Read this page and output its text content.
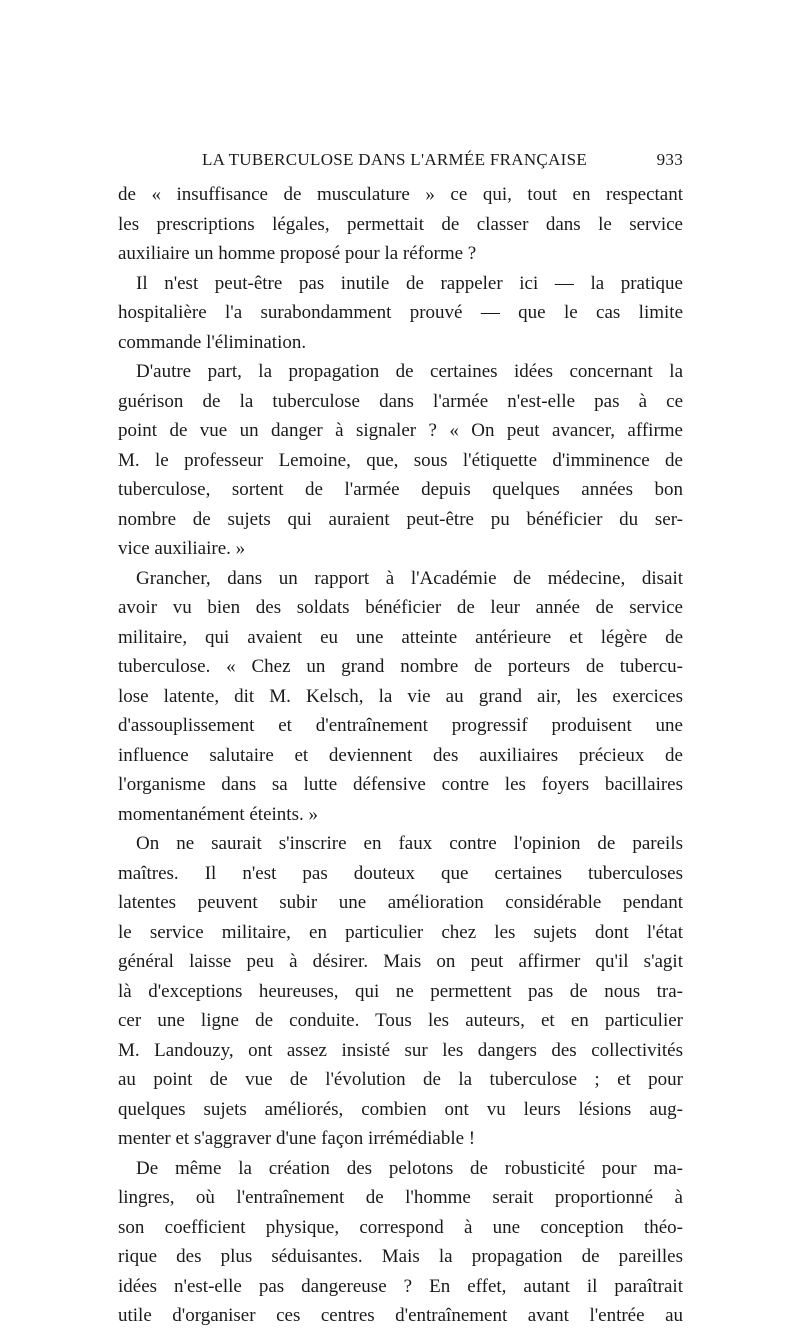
LA TUBERCULOSE DANS L'ARMÉE FRANÇAISE	933
de « insuffisance de musculature » ce qui, tout en respectant
les prescriptions légales, permettait de classer dans le service
auxiliaire un homme proposé pour la réforme ?
Il n'est peut-être pas inutile de rappeler ici — la pratique
hospitalière l'a surabondamment prouvé — que le cas limite
commande l'élimination.
D'autre part, la propagation de certaines idées concernant la
guérison de la tuberculose dans l'armée n'est-elle pas à ce
point de vue un danger à signaler ? « On peut avancer, affirme
M. le professeur Lemoine, que, sous l'étiquette d'imminence de
tuberculose, sortent de l'armée depuis quelques années bon
nombre de sujets qui auraient peut-être pu bénéficier du ser-
vice auxiliaire. »
Grancher, dans un rapport à l'Académie de médecine, disait
avoir vu bien des soldats bénéficier de leur année de service
militaire, qui avaient eu une atteinte antérieure et légère de
tuberculose. « Chez un grand nombre de porteurs de tubercu-
lose latente, dit M. Kelsch, la vie au grand air, les exercices
d'assouplissement et d'entraînement progressif produisent une
influence salutaire et deviennent des auxiliaires précieux de
l'organisme dans sa lutte défensive contre les foyers bacillaires
momentanément éteints. »
On ne saurait s'inscrire en faux contre l'opinion de pareils
maîtres. Il n'est pas douteux que certaines tuberculoses
latentes peuvent subir une amélioration considérable pendant
le service militaire, en particulier chez les sujets dont l'état
général laisse peu à désirer. Mais on peut affirmer qu'il s'agit
là d'exceptions heureuses, qui ne permettent pas de nous tra-
cer une ligne de conduite. Tous les auteurs, et en particulier
M. Landouzy, ont assez insisté sur les dangers des collectivités
au point de vue de l'évolution de la tuberculose ; et pour
quelques sujets améliorés, combien ont vu leurs lésions aug-
menter et s'aggraver d'une façon irrémédiable !
De même la création des pelotons de robusticité pour ma-
lingres, où l'entraînement de l'homme serait proportionné à
son coefficient physique, correspond à une conception théo-
rique des plus séduisantes. Mais la propagation de pareilles
idées n'est-elle pas dangereuse ? En effet, autant il paraîtrait
utile d'organiser ces centres d'entraînement avant l'entrée au
